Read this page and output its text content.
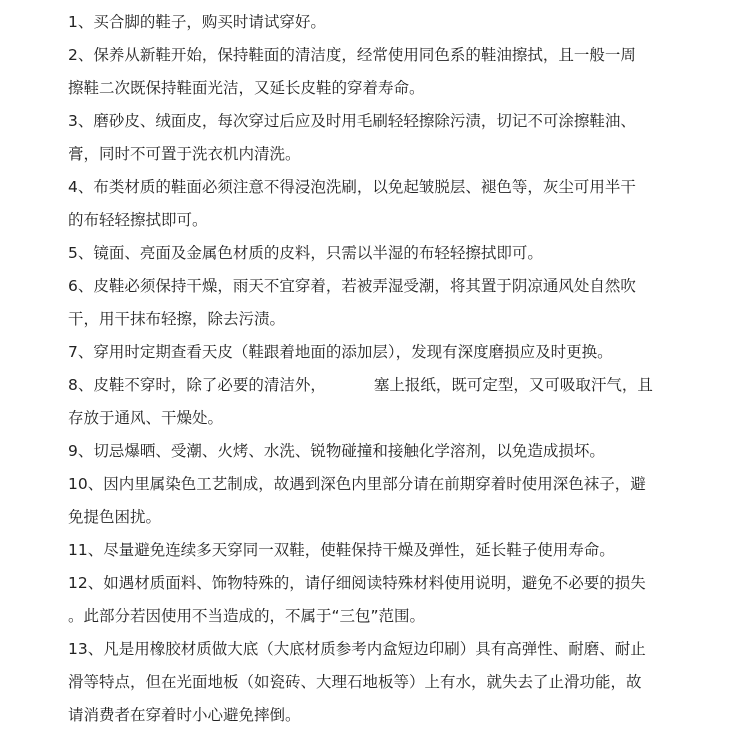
1、买合脚的鞋子，购买时请试穿好。
2、保养从新鞋开始，保持鞋面的清洁度，经常使用同色系的鞋油擦拭，且一般一周
擦鞋二次既保持鞋面光洁，又延长皮鞋的穿着寿命。
3、磨砂皮、绒面皮，每次穿过后应及时用毛刷轻轻擦除污渍，切记不可涂擦鞋油、
膏，同时不可置于洗衣机内清洗。
4、布类材质的鞋面必须注意不得浸泡洗刷，以免起皱脱层、褪色等，灰尘可用半干
的布轻轻擦拭即可。
5、镜面、亮面及金属色材质的皮料，只需以半湿的布轻轻擦拭即可。
6、皮鞋必须保持干燥，雨天不宜穿着，若被弄湿受潮，将其置于阴凉通风处自然吹
干，用干抹布轻擦，除去污渍。
7、穿用时定期查看天皮（鞋跟着地面的添加层），发现有深度磨损应及时更换。
8、皮鞋不穿时，除了必要的清洁外，	塞上报纸，既可定型，又可吸取汗气，且
存放于通风、干燥处。
9、切忌爆晒、受潮、火烤、水洗、锐物碰撞和接触化学溶剂，以免造成损坏。
10、因内里属染色工艺制成，故遇到深色内里部分请在前期穿着时使用深色袜子，避
免提色困扰。
11、尽量避免连续多天穿同一双鞋，使鞋保持干燥及弹性，延长鞋子使用寿命。
12、如遇材质面料、饰物特殊的，请仔细阅读特殊材料使用说明，避免不必要的损失
。此部分若因使用不当造成的，不属于“三包”范围。
13、凡是用橡胶材质做大底（大底材质参考内盒短边印刷）具有高弹性、耐磨、耐止
滑等特点，但在光面地板（如瓷砖、大理石地板等）上有水，就失去了止滑功能，故
请消费者在穿着时小心避免摔倒。
